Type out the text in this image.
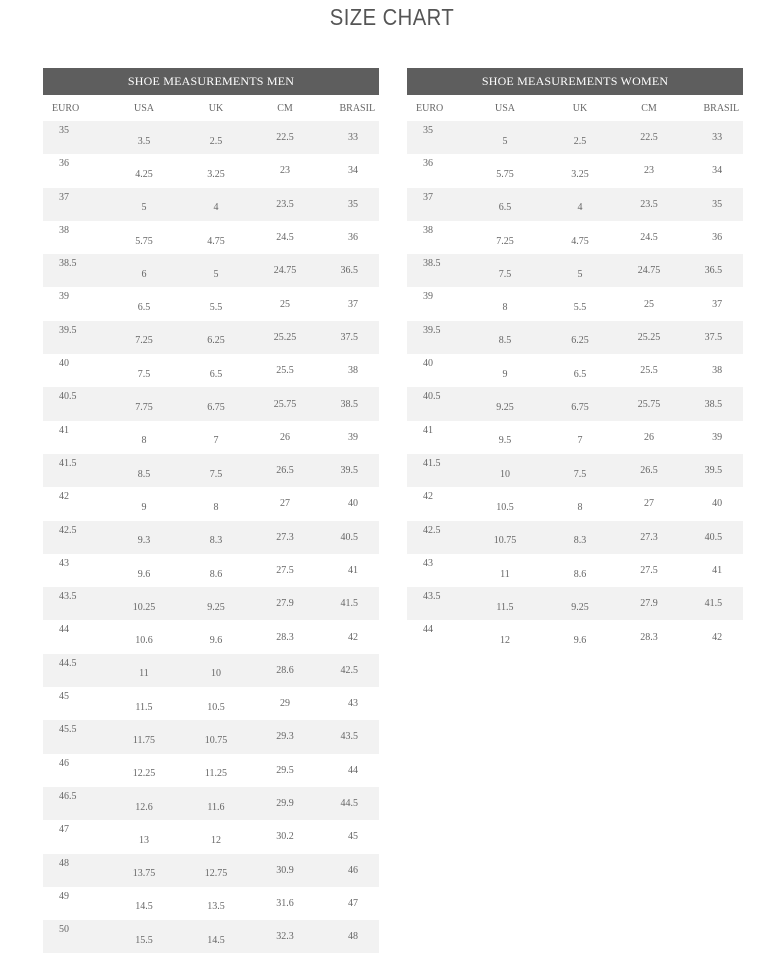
SIZE CHART
SHOE MEASUREMENTS MEN				
EURO	USA	UK	CM	BRASIL
35	3.5	2.5	22.5	33
36	4.25	3.25	23	34
37	5	4	23.5	35
38	5.75	4.75	24.5	36
38.5	6	5	24.75	36.5
39	6.5	5.5	25	37
39.5	7.25	6.25	25.25	37.5
40	7.5	6.5	25.5	38
40.5	7.75	6.75	25.75	38.5
41	8	7	26	39
41.5	8.5	7.5	26.5	39.5
42	9	8	27	40
42.5	9.3	8.3	27.3	40.5
43	9.6	8.6	27.5	41
43.5	10.25	9.25	27.9	41.5
44	10.6	9.6	28.3	42
44.5	11	10	28.6	42.5
45	11.5	10.5	29	43
45.5	11.75	10.75	29.3	43.5
46	12.25	11.25	29.5	44
46.5	12.6	11.6	29.9	44.5
47	13	12	30.2	45
48	13.75	12.75	30.9	46
49	14.5	13.5	31.6	47
50	15.5	14.5	32.3	48
SHOE MEASUREMENTS WOMEN				
EURO	USA	UK	CM	BRASIL
35	5	2.5	22.5	33
36	5.75	3.25	23	34
37	6.5	4	23.5	35
38	7.25	4.75	24.5	36
38.5	7.5	5	24.75	36.5
39	8	5.5	25	37
39.5	8.5	6.25	25.25	37.5
40	9	6.5	25.5	38
40.5	9.25	6.75	25.75	38.5
41	9.5	7	26	39
41.5	10	7.5	26.5	39.5
42	10.5	8	27	40
42.5	10.75	8.3	27.3	40.5
43	11	8.6	27.5	41
43.5	11.5	9.25	27.9	41.5
44	12	9.6	28.3	42
